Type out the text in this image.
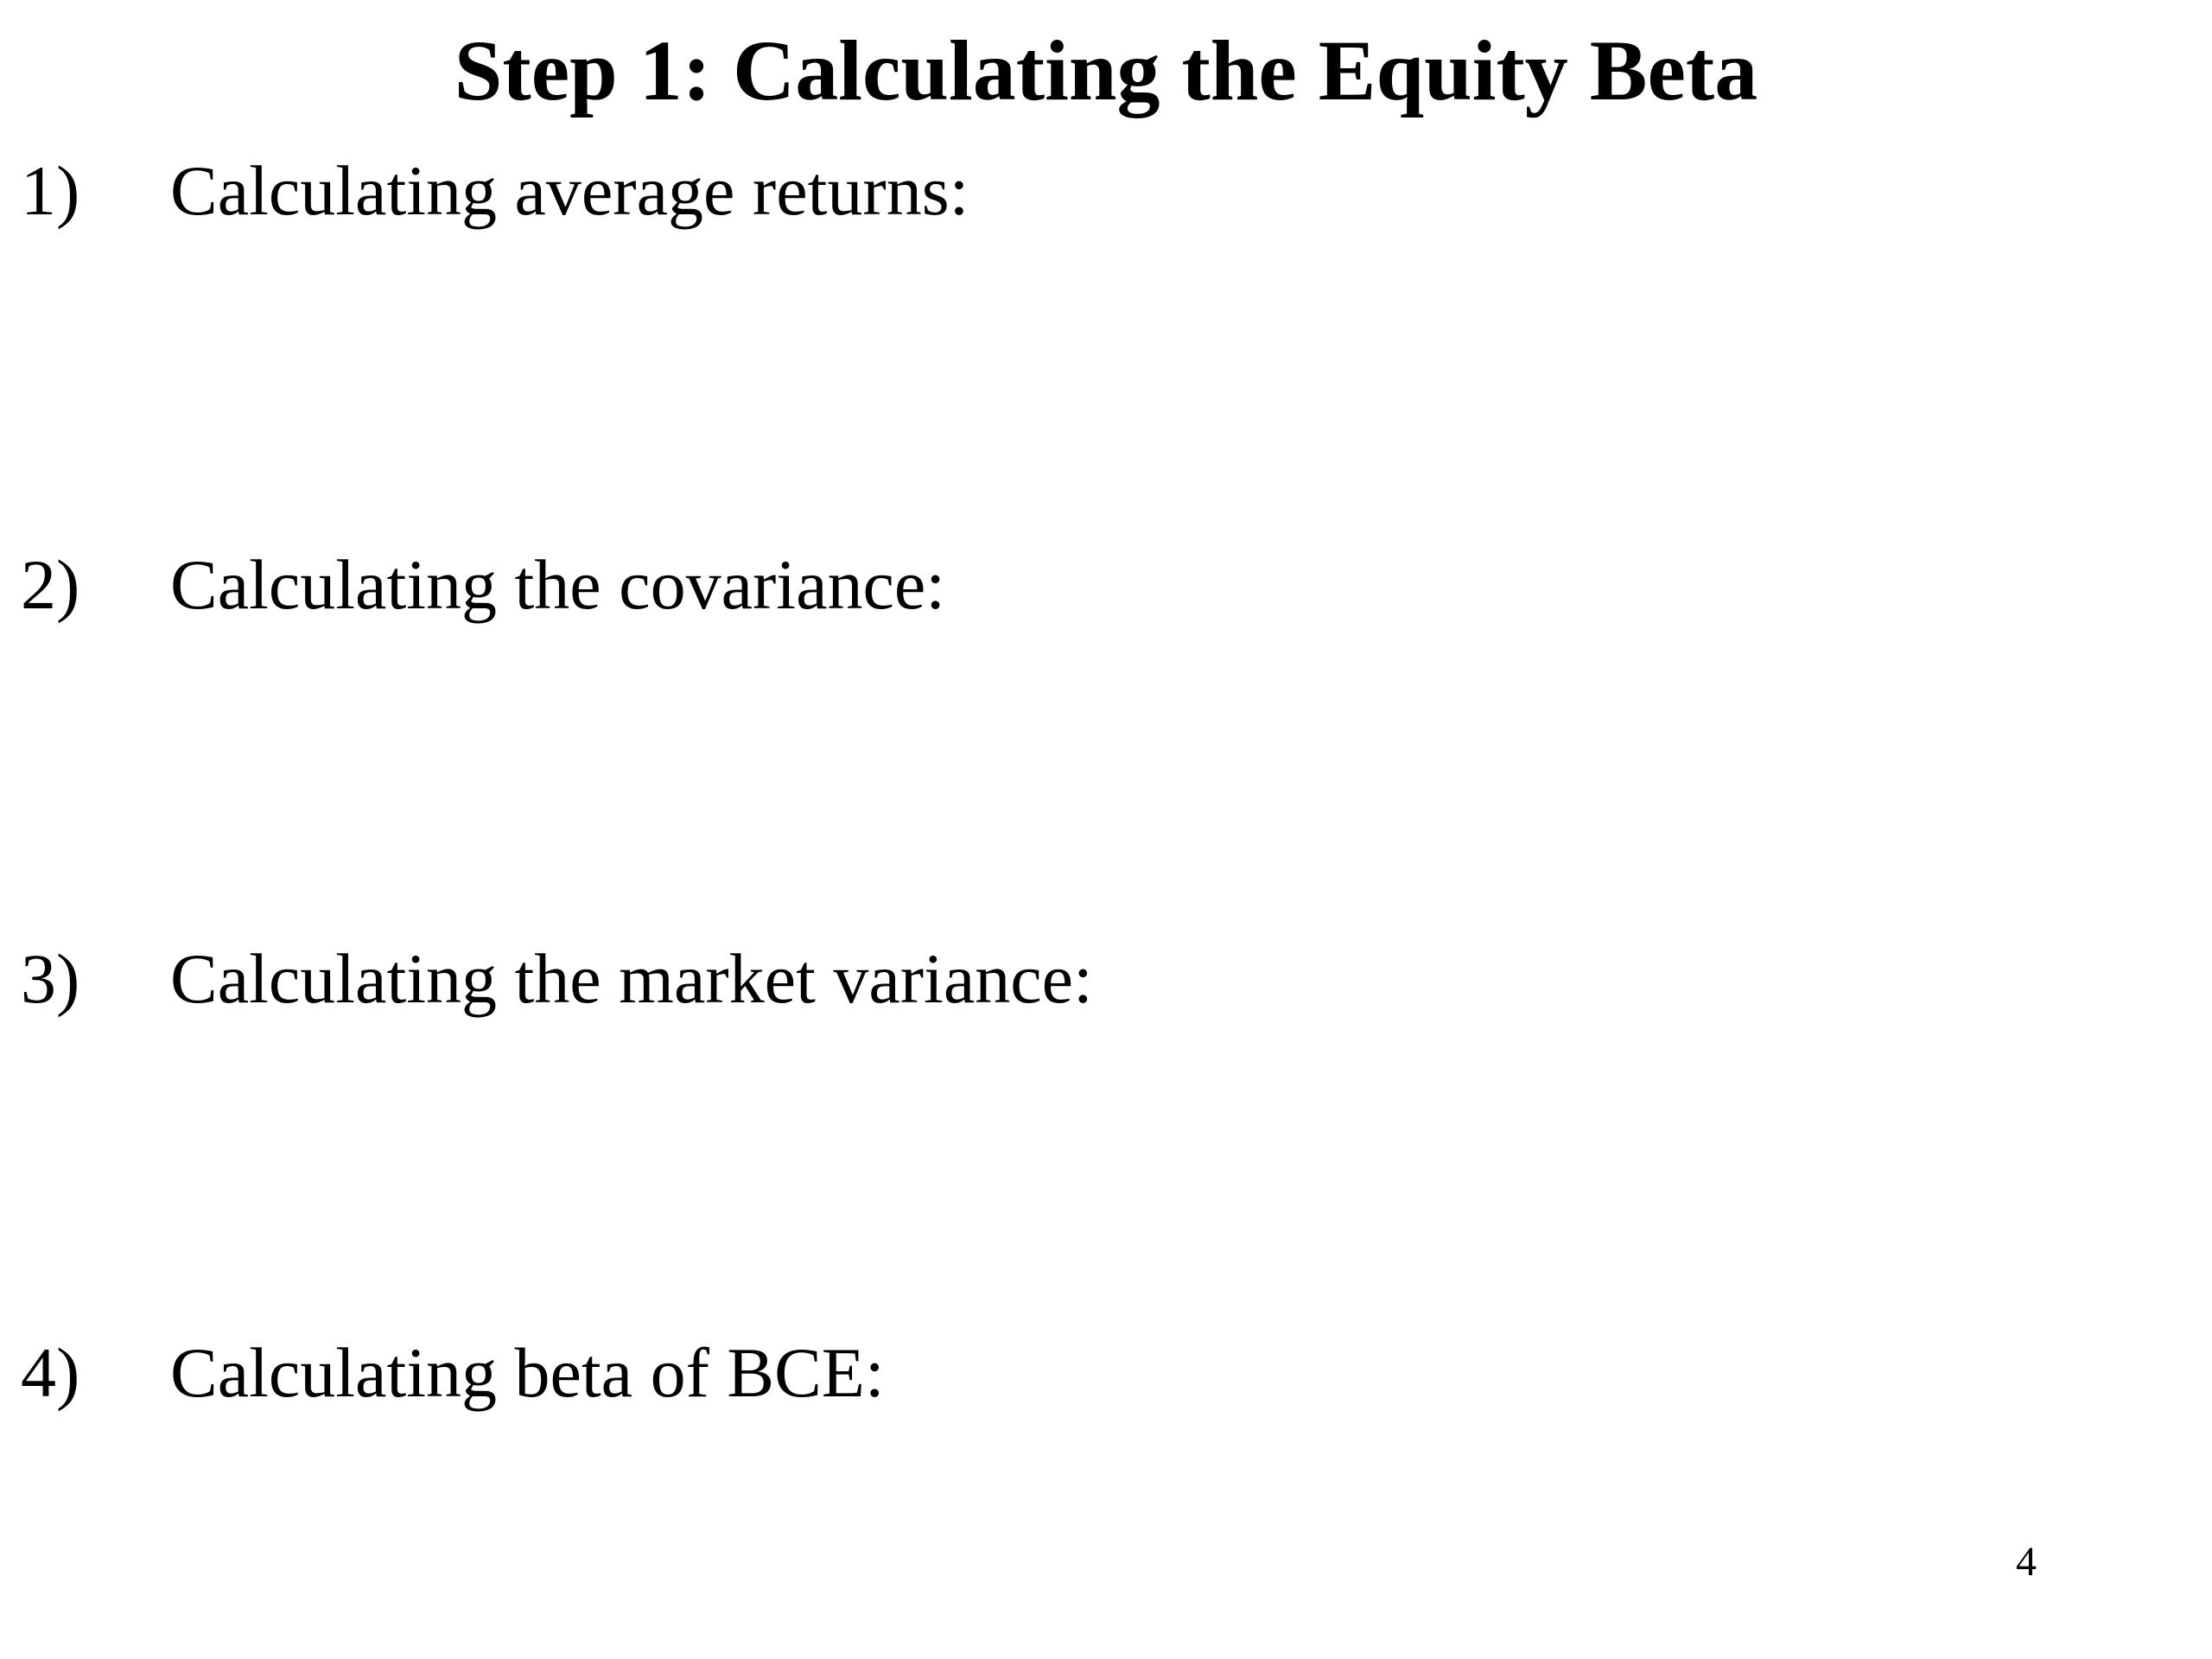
Step 1: Calculating the Equity Beta
1) Calculating average returns:
2) Calculating the covariance:
3) Calculating the market variance:
4) Calculating beta of BCE:
4
